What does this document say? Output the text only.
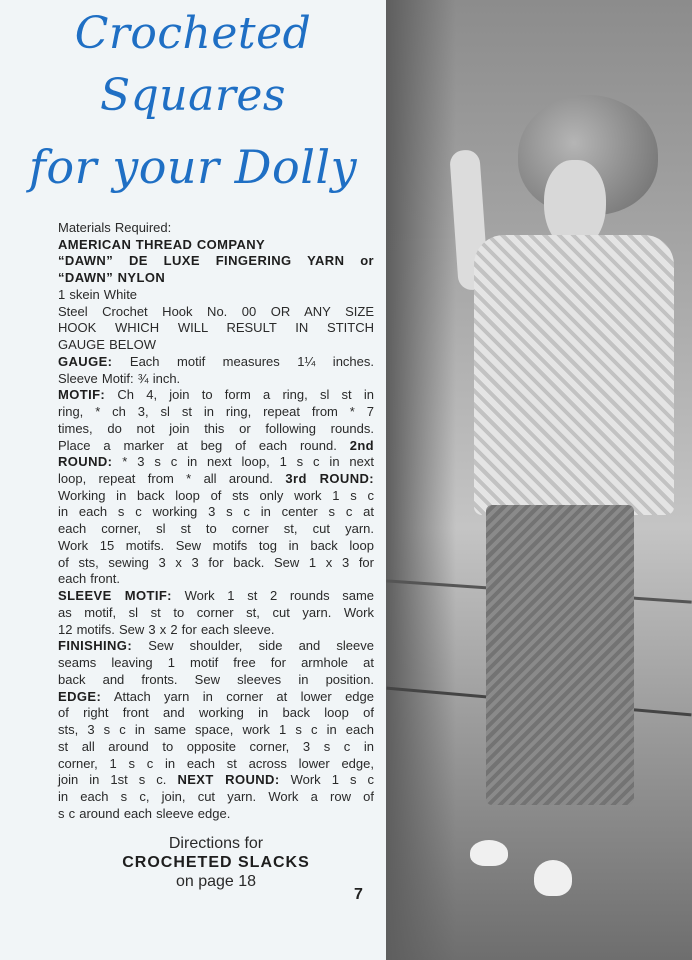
Crocheted
Squares
for your Dolly
Materials Required:
AMERICAN THREAD COMPANY
“DAWN” DE LUXE FINGERING YARN or
“DAWN” NYLON
1 skein White
Steel Crochet Hook No. 00 OR ANY SIZE
HOOK WHICH WILL RESULT IN STITCH
GAUGE BELOW
GAUGE: Each motif measures 1¼ inches.
Sleeve Motif: ¾ inch.
MOTIF: Ch 4, join to form a ring, sl st in
ring, * ch 3, sl st in ring, repeat from * 7
times, do not join this or following rounds.
Place a marker at beg of each round. 2nd
ROUND: * 3 s c in next loop, 1 s c in next
loop, repeat from * all around. 3rd ROUND:
Working in back loop of sts only work 1 s c
in each s c working 3 s c in center s c at
each corner, sl st to corner st, cut yarn.
Work 15 motifs. Sew motifs tog in back loop
of sts, sewing 3 x 3 for back. Sew 1 x 3 for
each front.
SLEEVE MOTIF: Work 1 st 2 rounds same
as motif, sl st to corner st, cut yarn. Work
12 motifs. Sew 3 x 2 for each sleeve.
FINISHING: Sew shoulder, side and sleeve
seams leaving 1 motif free for armhole at
back and fronts. Sew sleeves in position.
EDGE: Attach yarn in corner at lower edge
of right front and working in back loop of
sts, 3 s c in same space, work 1 s c in each
st all around to opposite corner, 3 s c in
corner, 1 s c in each st across lower edge,
join in 1st s c. NEXT ROUND: Work 1 s c
in each s c, join, cut yarn. Work a row of
s c around each sleeve edge.
Directions for
CROCHETED SLACKS
on page 18
7
